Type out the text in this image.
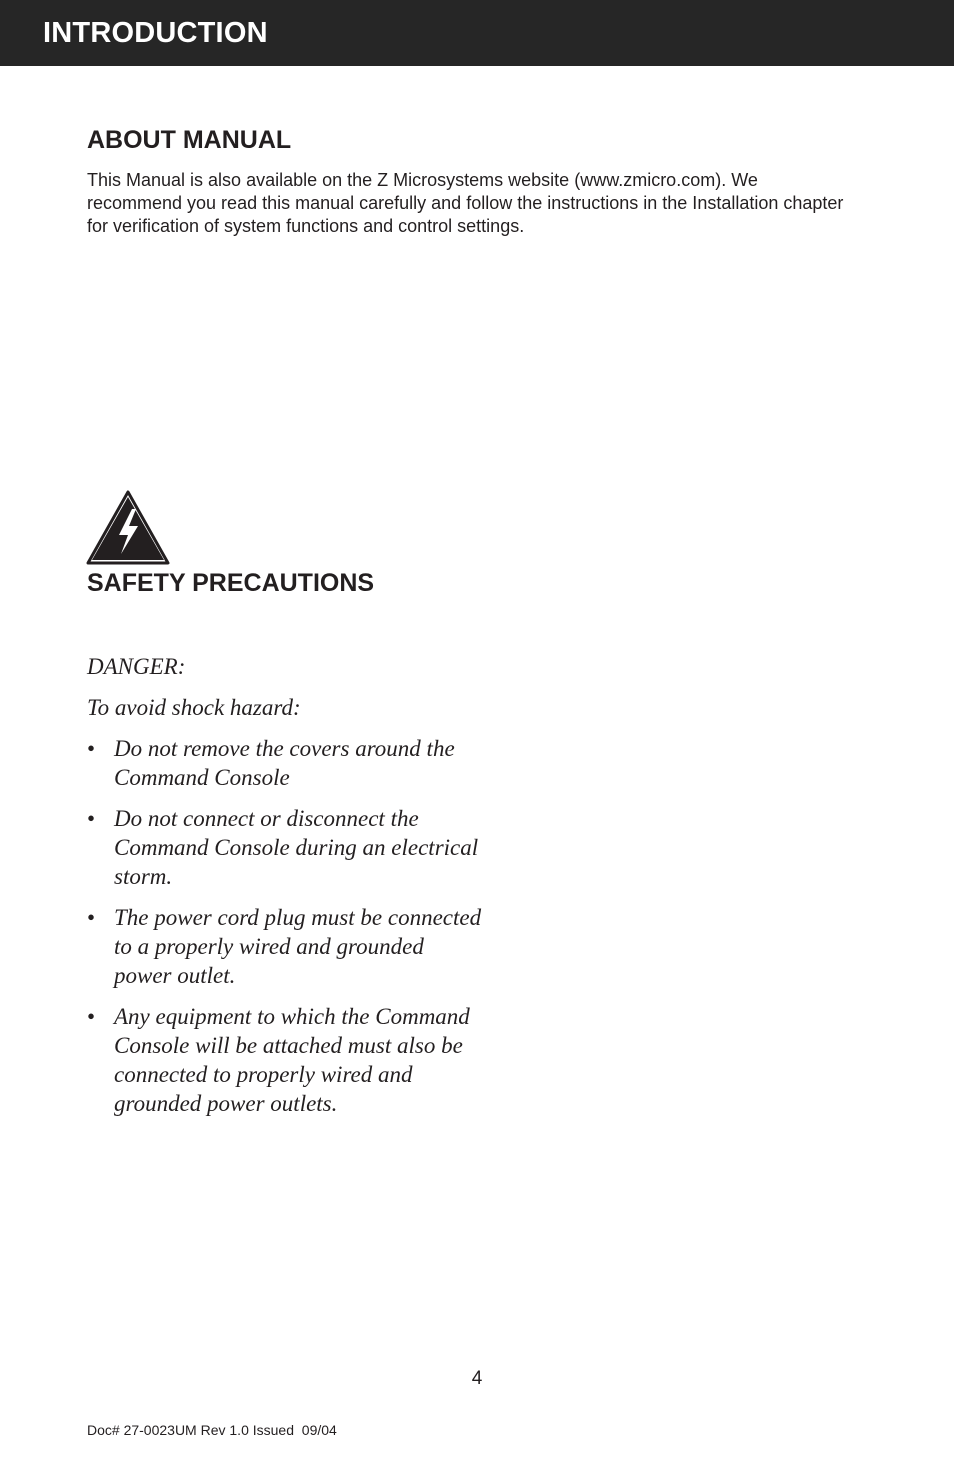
INTRODUCTION
ABOUT MANUAL

This Manual is also available on the Z Microsystems website (www.zmicro.com). We recommend you read this manual carefully and follow the instructions in the Installation chapter for verification of system functions and control settings.

SAFETY PRECAUTIONS

DANGER:

To avoid shock hazard:

• Do not remove the covers around the Command Console
• Do not connect or disconnect the Command Console during an electrical storm.
• The power cord plug must be connected to a properly wired and grounded power outlet.
• Any equipment to which the Command Console will be attached must also be connected to properly wired and grounded power outlets.

4

Doc# 27-0023UM Rev 1.0 Issued  09/04
